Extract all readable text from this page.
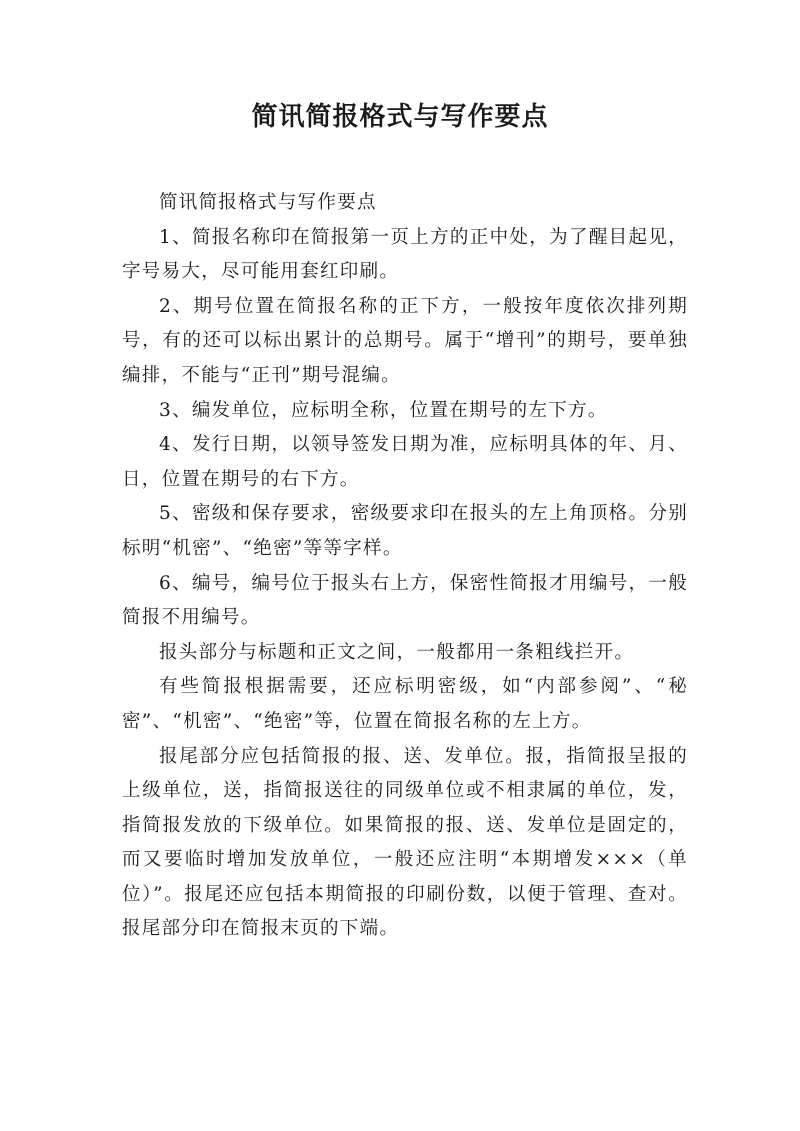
简讯简报格式与写作要点

简讯简报格式与写作要点

1、简报名称印在简报第一页上方的正中处，为了醒目起见，字号易大，尽可能用套红印刷。

2、期号位置在简报名称的正下方，一般按年度依次排列期号，有的还可以标出累计的总期号。属于“增刊”的期号，要单独编排，不能与“正刊”期号混编。

3、编发单位，应标明全称，位置在期号的左下方。

4、发行日期，以领导签发日期为准，应标明具体的年、月、日，位置在期号的右下方。

5、密级和保存要求，密级要求印在报头的左上角顶格。分别标明“机密”、“绝密”等等字样。

6、编号，编号位于报头右上方，保密性简报才用编号，一般简报不用编号。

报头部分与标题和正文之间，一般都用一条粗线拦开。

有些简报根据需要，还应标明密级，如“内部参阅”、“秘密”、“机密”、“绝密”等，位置在简报名称的左上方。

报尾部分应包括简报的报、送、发单位。报，指简报呈报的上级单位，送，指简报送往的同级单位或不相隶属的单位，发，指简报发放的下级单位。如果简报的报、送、发单位是固定的，而又要临时增加发放单位，一般还应注明“本期增发×××（单位）”。报尾还应包括本期简报的印刷份数，以便于管理、查对。报尾部分印在简报末页的下端。
